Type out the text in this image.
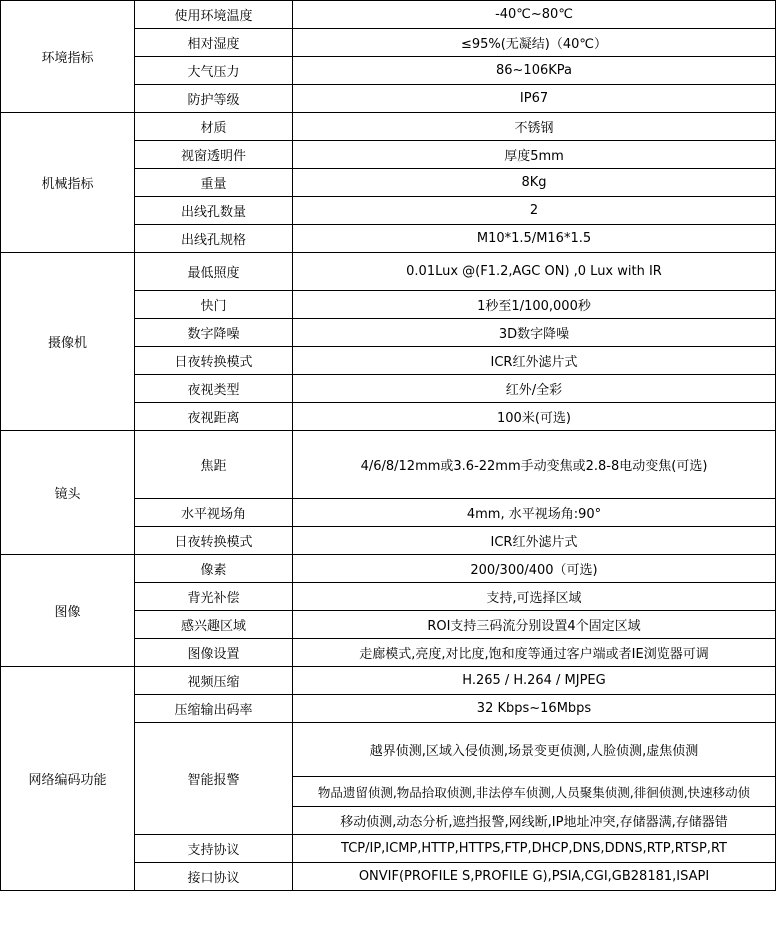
环境指标	使用环境温度	-40℃~80℃
	相对湿度	≤95%(无凝结)（40℃）
	大气压力	86~106KPa
	防护等级	IP67
机械指标	材质	不锈钢
	视窗透明件	厚度5mm
	重量	8Kg
	出线孔数量	2
	出线孔规格	M10*1.5/M16*1.5
摄像机	最低照度	0.01Lux @(F1.2,AGC ON) ,0 Lux with IR
	快门	1秒至1/100,000秒
	数字降噪	3D数字降噪
	日夜转换模式	ICR红外滤片式
	夜视类型	红外/全彩
	夜视距离	100米(可选)
镜头	焦距	4/6/8/12mm或3.6-22mm手动变焦或2.8-8电动变焦(可选)
	水平视场角	4mm, 水平视场角:90°
	日夜转换模式	ICR红外滤片式
图像	像素	200/300/400（可选)
	背光补偿	支持,可选择区域
	感兴趣区域	ROI支持三码流分别设置4个固定区域
	图像设置	走廊模式,亮度,对比度,饱和度等通过客户端或者IE浏览器可调
网络编码功能	视频压缩	H.265 / H.264 / MJPEG
	压缩输出码率	32 Kbps~16Mbps
	智能报警	越界侦测,区域入侵侦测,场景变更侦测,人脸侦测,虚焦侦测
		物品遗留侦测,物品拾取侦测,非法停车侦测,人员聚集侦测,徘徊侦测,快速移动侦
		移动侦测,动态分析,遮挡报警,网线断,IP地址冲突,存储器满,存储器错
	支持协议	TCP/IP,ICMP,HTTP,HTTPS,FTP,DHCP,DNS,DDNS,RTP,RTSP,RT
	接口协议	ONVIF(PROFILE S,PROFILE G),PSIA,CGI,GB28181,ISAPI
